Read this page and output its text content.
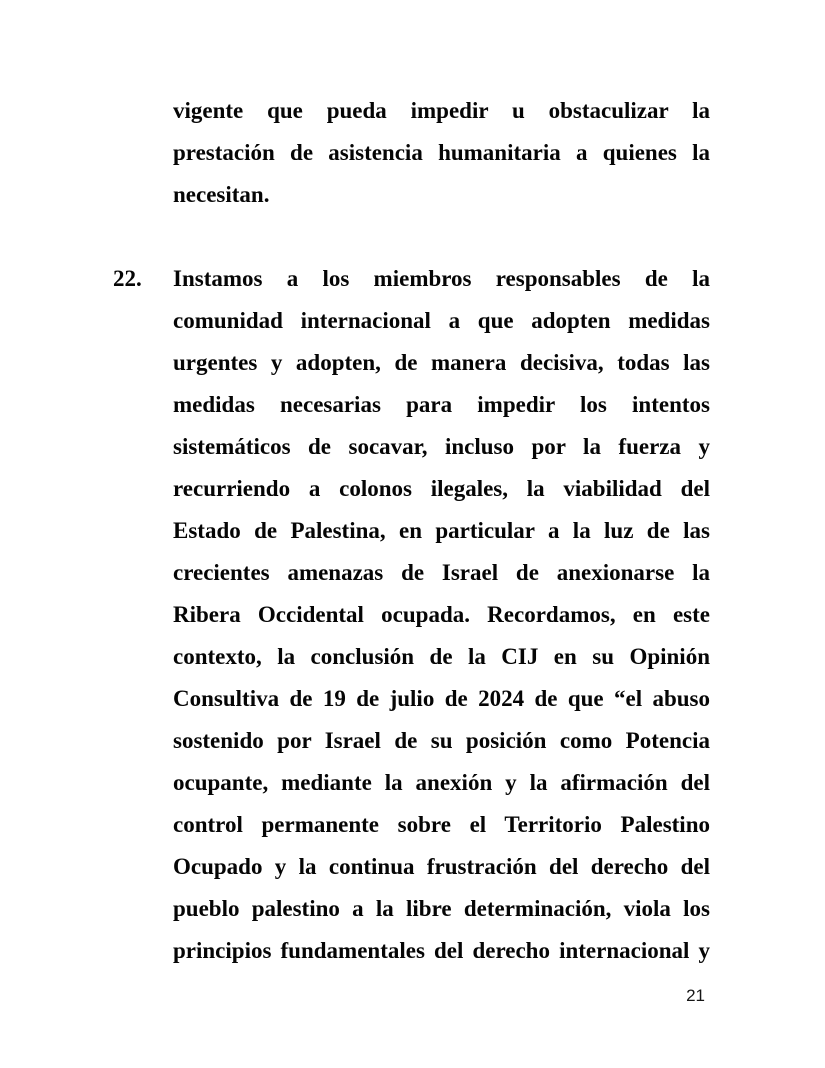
vigente que pueda impedir u obstaculizar la
prestación de asistencia humanitaria a quienes la
necesitan.
22. Instamos a los miembros responsables de la
comunidad internacional a que adopten medidas
urgentes y adopten, de manera decisiva, todas las
medidas necesarias para impedir los intentos
sistemáticos de socavar, incluso por la fuerza y
recurriendo a colonos ilegales, la viabilidad del
Estado de Palestina, en particular a la luz de las
crecientes amenazas de Israel de anexionarse la
Ribera Occidental ocupada. Recordamos, en este
contexto, la conclusión de la CIJ en su Opinión
Consultiva de 19 de julio de 2024 de que “el abuso
sostenido por Israel de su posición como Potencia
ocupante, mediante la anexión y la afirmación del
control permanente sobre el Territorio Palestino
Ocupado y la continua frustración del derecho del
pueblo palestino a la libre determinación, viola los
principios fundamentales del derecho internacional y
21
